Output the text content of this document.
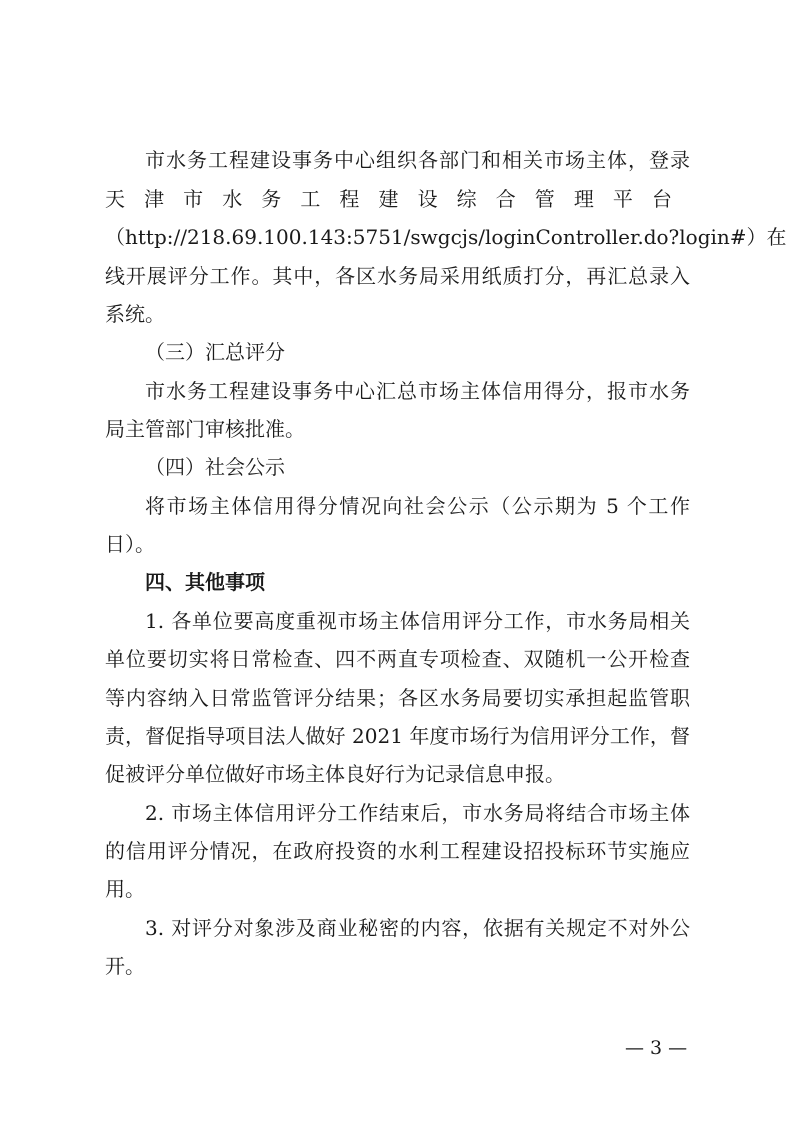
市水务工程建设事务中心组织各部门和相关市场主体，登录
天津市水务工程建设综合管理平台
（http://218.69.100.143:5751/swgcjs/loginController.do?login#）在
线开展评分工作。其中，各区水务局采用纸质打分，再汇总录入
系统。
（三）汇总评分
市水务工程建设事务中心汇总市场主体信用得分，报市水务
局主管部门审核批准。
（四）社会公示
将市场主体信用得分情况向社会公示（公示期为 5 个工作
日）。
四、其他事项
1. 各单位要高度重视市场主体信用评分工作，市水务局相关
单位要切实将日常检查、四不两直专项检查、双随机一公开检查
等内容纳入日常监管评分结果；各区水务局要切实承担起监管职
责，督促指导项目法人做好 2021 年度市场行为信用评分工作，督
促被评分单位做好市场主体良好行为记录信息申报。
2. 市场主体信用评分工作结束后，市水务局将结合市场主体
的信用评分情况，在政府投资的水利工程建设招投标环节实施应
用。
3. 对评分对象涉及商业秘密的内容，依据有关规定不对外公
开。
— 3 —
